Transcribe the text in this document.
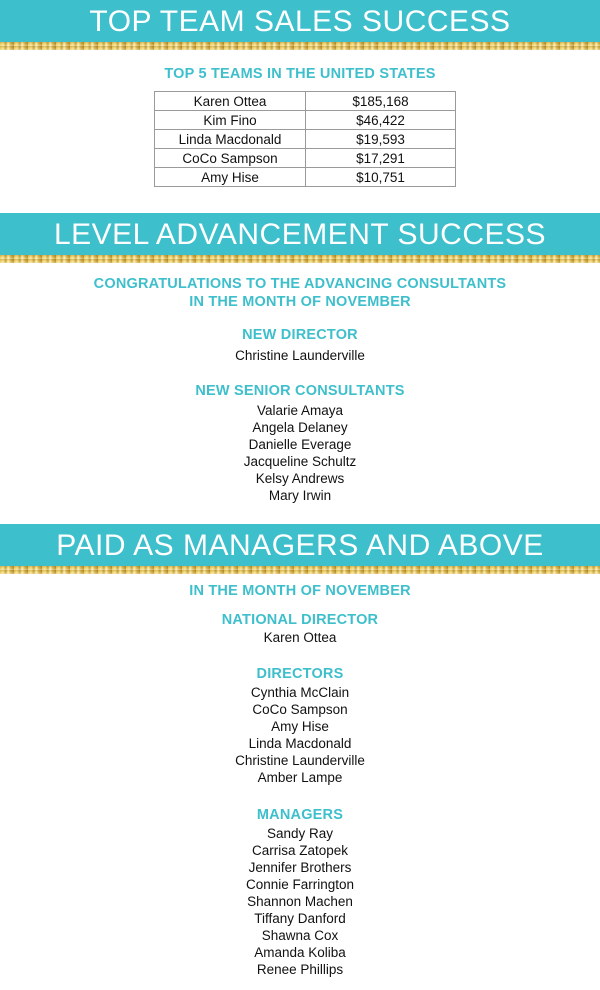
TOP TEAM SALES SUCCESS
TOP 5 TEAMS IN THE UNITED STATES
Karen Ottea	$185,168
Kim Fino	$46,422
Linda Macdonald	$19,593
CoCo Sampson	$17,291
Amy Hise	$10,751
LEVEL ADVANCEMENT SUCCESS
CONGRATULATIONS TO THE ADVANCING CONSULTANTS
IN THE MONTH OF NOVEMBER
NEW DIRECTOR
Christine Launderville
NEW SENIOR CONSULTANTS
Valarie Amaya
Angela Delaney
Danielle Everage
Jacqueline Schultz
Kelsy Andrews
Mary Irwin
PAID AS MANAGERS AND ABOVE
IN THE MONTH OF NOVEMBER
NATIONAL DIRECTOR
Karen Ottea
DIRECTORS
Cynthia McClain
CoCo Sampson
Amy Hise
Linda Macdonald
Christine Launderville
Amber Lampe
MANAGERS
Sandy Ray
Carrisa Zatopek
Jennifer Brothers
Connie Farrington
Shannon Machen
Tiffany Danford
Shawna Cox
Amanda Koliba
Renee Phillips
